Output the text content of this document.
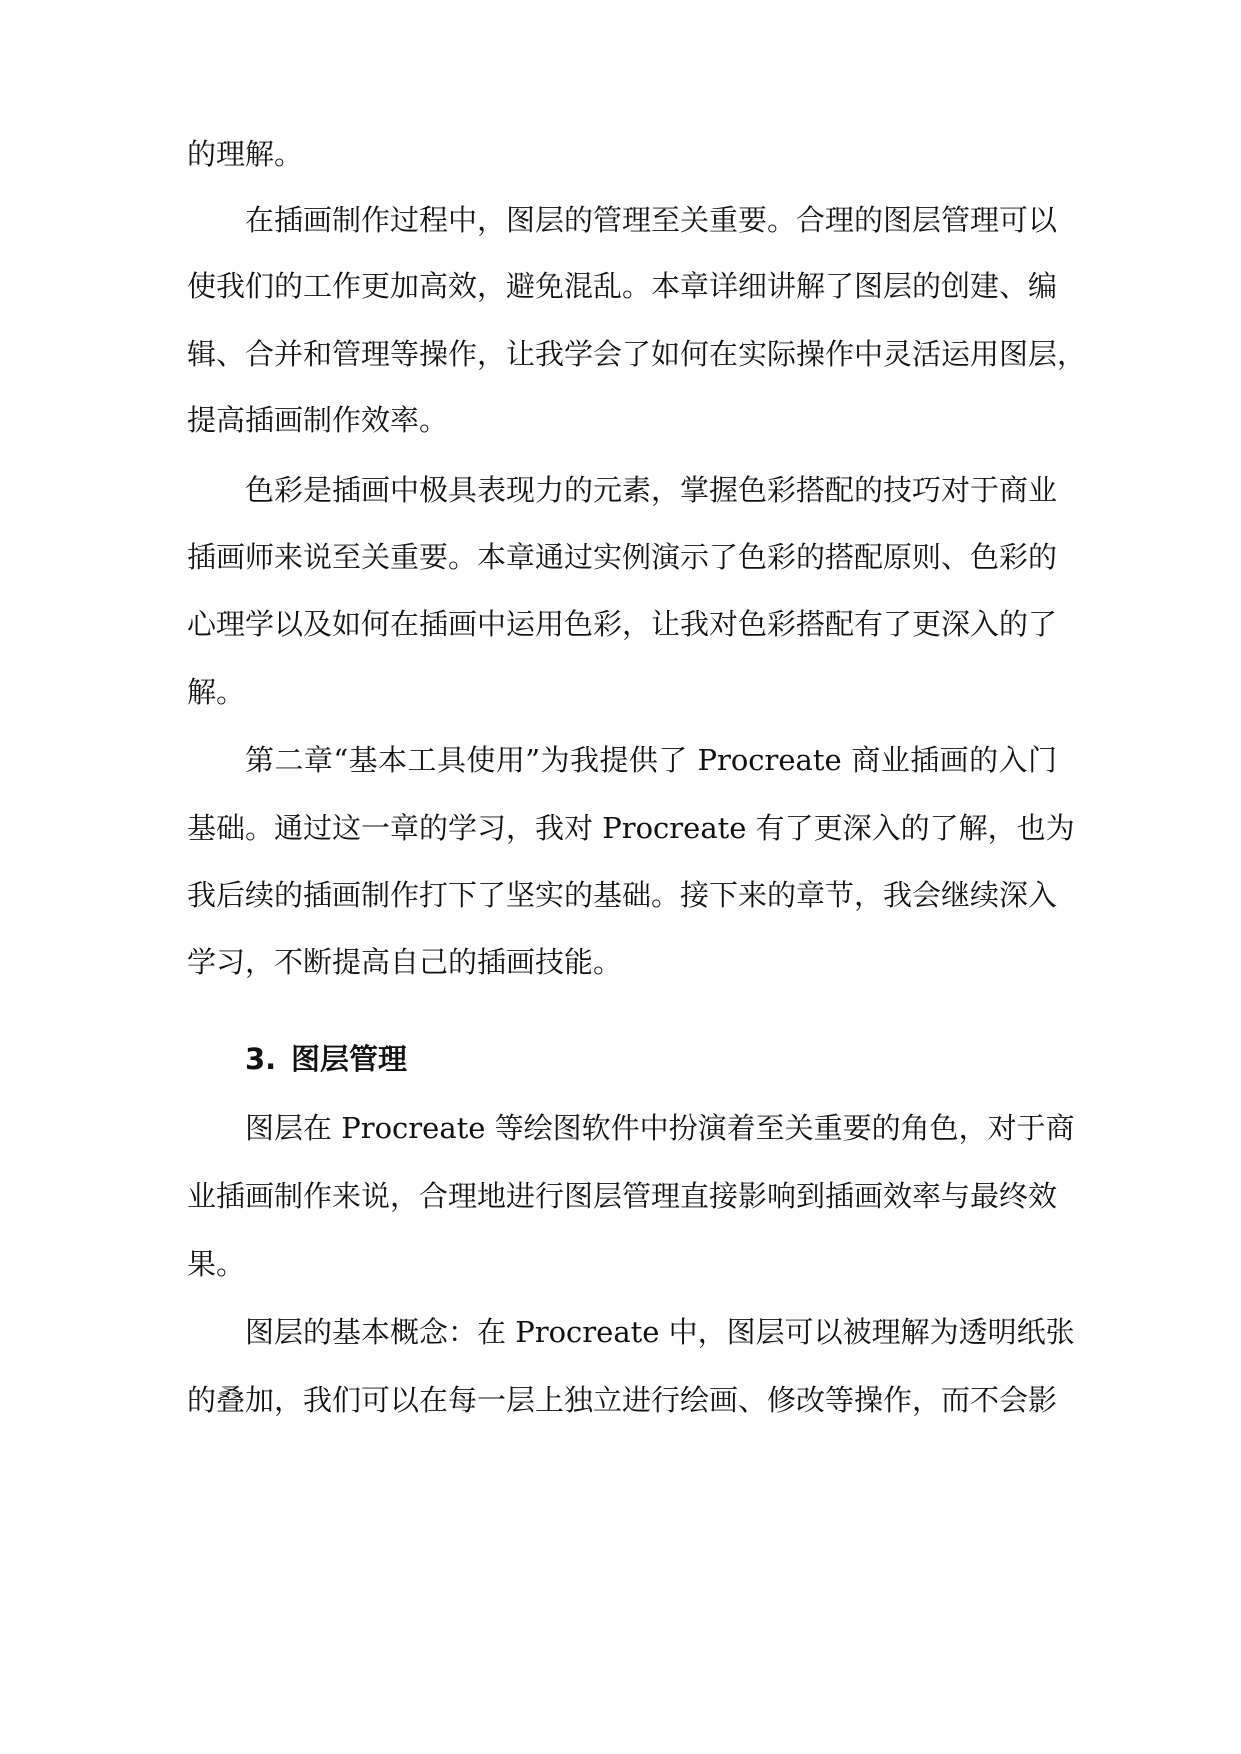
的理解。
在插画制作过程中，图层的管理至关重要。合理的图层管理可以
使我们的工作更加高效，避免混乱。本章详细讲解了图层的创建、编
辑、合并和管理等操作，让我学会了如何在实际操作中灵活运用图层，
提高插画制作效率。
色彩是插画中极具表现力的元素，掌握色彩搭配的技巧对于商业
插画师来说至关重要。本章通过实例演示了色彩的搭配原则、色彩的
心理学以及如何在插画中运用色彩，让我对色彩搭配有了更深入的了
解。
第二章“基本工具使用”为我提供了 Procreate 商业插画的入门
基础。通过这一章的学习，我对 Procreate 有了更深入的了解，也为
我后续的插画制作打下了坚实的基础。接下来的章节，我会继续深入
学习，不断提高自己的插画技能。
3. 图层管理
图层在 Procreate 等绘图软件中扮演着至关重要的角色，对于商
业插画制作来说，合理地进行图层管理直接影响到插画效率与最终效
果。
图层的基本概念：在 Procreate 中，图层可以被理解为透明纸张
的叠加，我们可以在每一层上独立进行绘画、修改等操作，而不会影
